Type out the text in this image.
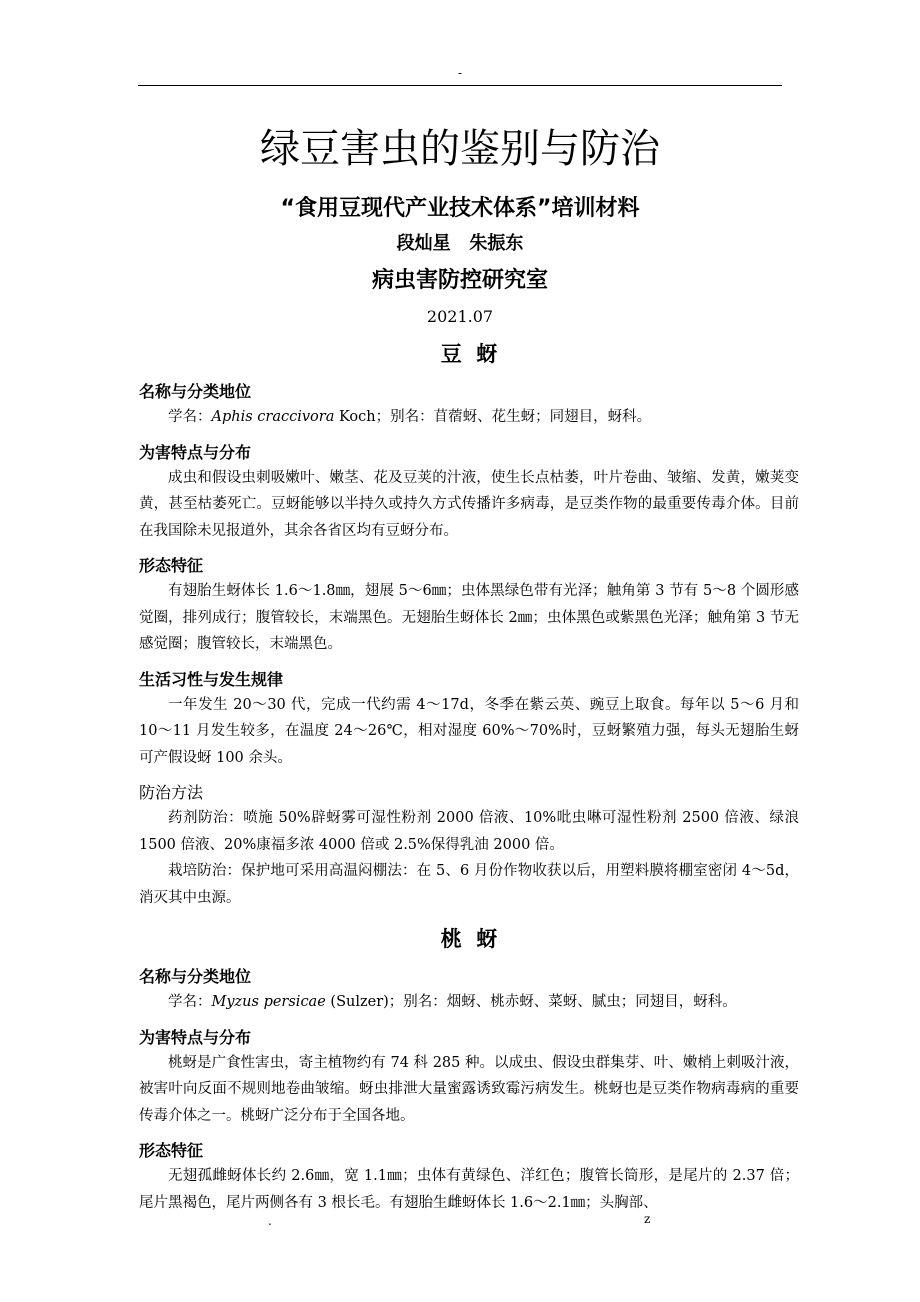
-
绿豆害虫的鉴别与防治
“食用豆现代产业技术体系”培训材料
段灿星   朱振东
病虫害防控研究室
2021.07
豆  蚜
名称与分类地位

学名：Aphis craccivora Koch；别名：苜蓿蚜、花生蚜；同翅目，蚜科。

为害特点与分布

成虫和假设虫刺吸嫩叶、嫩茎、花及豆荚的汁液，使生长点枯萎，叶片卷曲、皱缩、发黄，嫩荚变黄，甚至枯萎死亡。豆蚜能够以半持久或持久方式传播许多病毒，是豆类作物的最重要传毒介体。目前在我国除未见报道外，其余各省区均有豆蚜分布。

形态特征

有翅胎生蚜体长 1.6～1.8㎜，翅展 5～6㎜；虫体黑绿色带有光泽；触角第 3 节有 5～8 个圆形感觉圈，排列成行；腹管较长，末端黑色。无翅胎生蚜体长 2㎜；虫体黑色或紫黑色光泽；触角第 3 节无感觉圈；腹管较长，末端黑色。

生活习性与发生规律

一年发生 20～30 代，完成一代约需 4～17d，冬季在紫云英、豌豆上取食。每年以 5～6 月和 10～11 月发生较多，在温度 24～26℃，相对湿度 60%～70%时，豆蚜繁殖力强，每头无翅胎生蚜可产假设蚜 100 余头。

防治方法

药剂防治：喷施 50%辟蚜雾可湿性粉剂 2000 倍液、10%吡虫啉可湿性粉剂 2500 倍液、绿浪 1500 倍液、20%康福多浓 4000 倍或 2.5%保得乳油 2000 倍。

栽培防治：保护地可采用高温闷棚法：在 5、6 月份作物收获以后，用塑料膜将棚室密闭 4～5d，消灭其中虫源。

桃  蚜
名称与分类地位

学名：Myzus persicae (Sulzer)；别名：烟蚜、桃赤蚜、菜蚜、腻虫；同翅目，蚜科。

为害特点与分布

桃蚜是广食性害虫，寄主植物约有 74 科 285 种。以成虫、假设虫群集芽、叶、嫩梢上刺吸汁液，被害叶向反面不规则地卷曲皱缩。蚜虫排泄大量蜜露诱致霉污病发生。桃蚜也是豆类作物病毒病的重要传毒介体之一。桃蚜广泛分布于全国各地。

形态特征

无翅孤雌蚜体长约 2.6㎜，宽 1.1㎜；虫体有黄绿色、洋红色；腹管长筒形，是尾片的 2.37 倍；尾片黑褐色，尾片两侧各有 3 根长毛。有翅胎生雌蚜体长 1.6～2.1㎜；头胸部、

.	z
